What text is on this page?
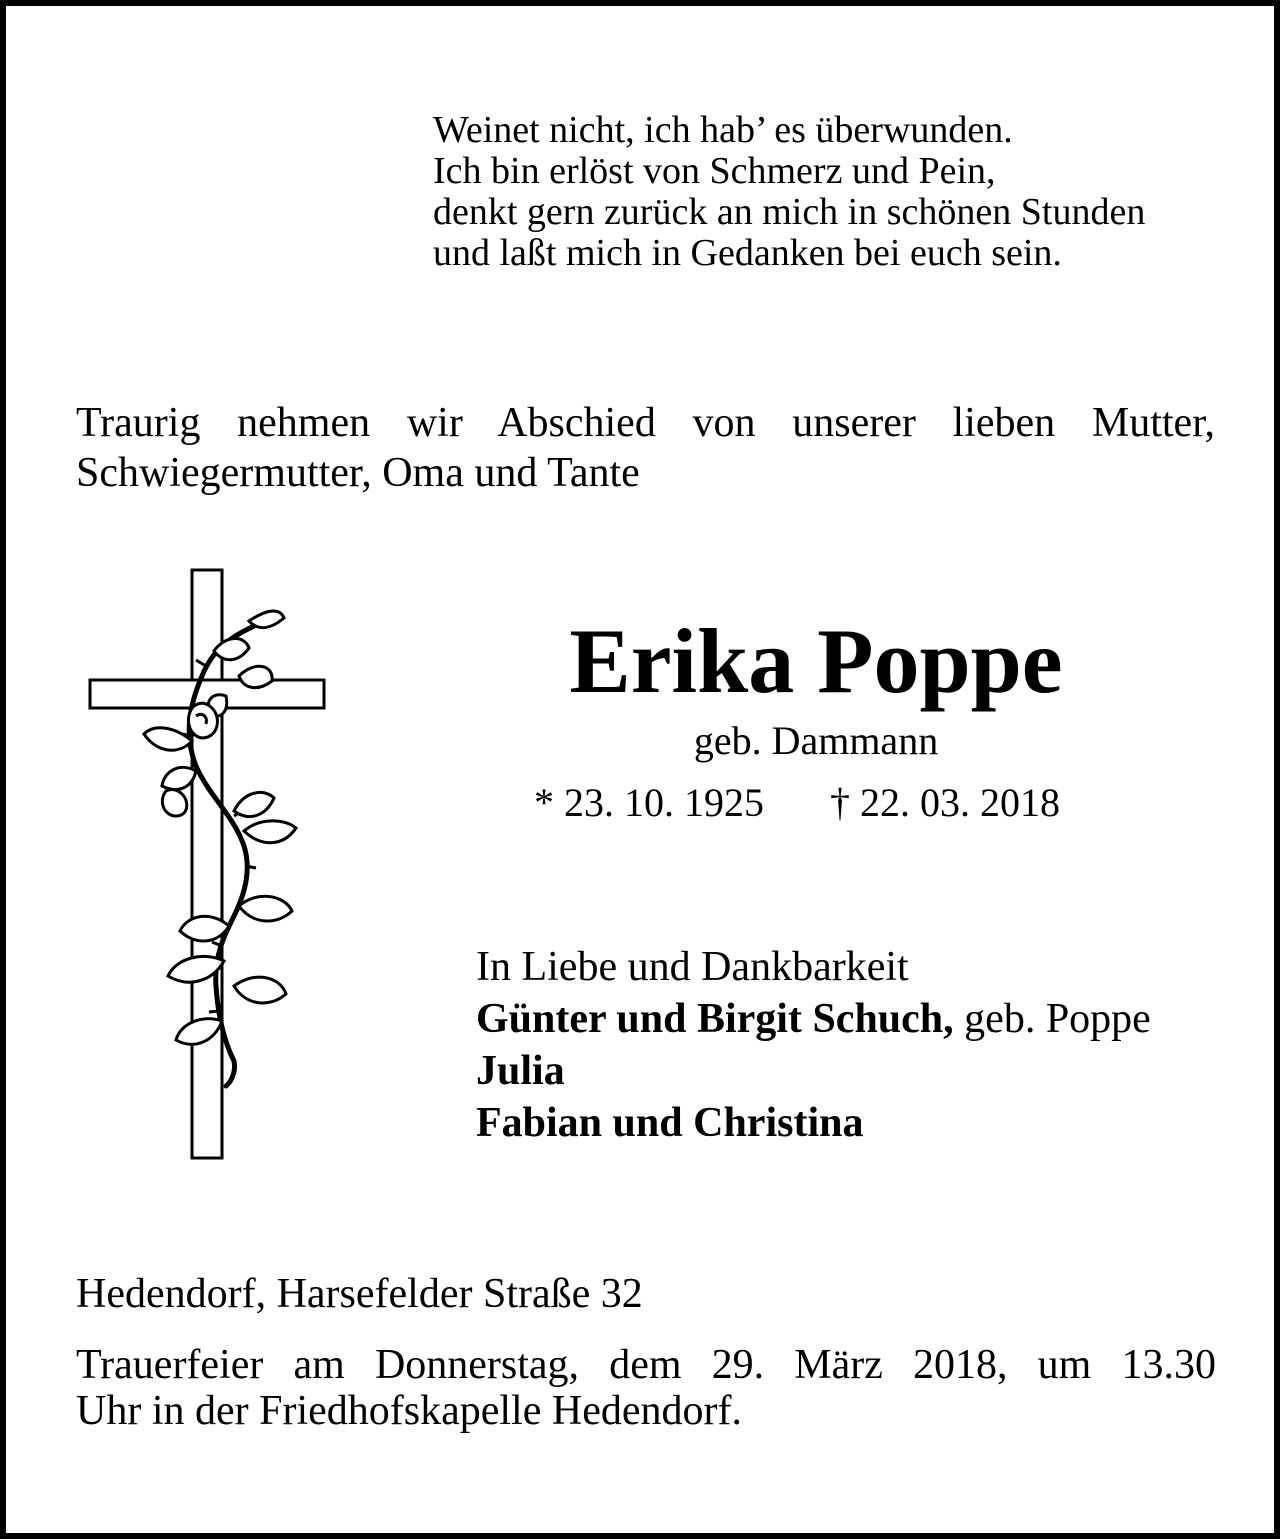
Weinet nicht, ich hab’ es überwunden.
Ich bin erlöst von Schmerz und Pein,
denkt gern zurück an mich in schönen Stunden
und laßt mich in Gedanken bei euch sein.
Traurig nehmen wir Abschied von unserer lieben Mutter,
Schwiegermutter, Oma und Tante
Erika Poppe
geb. Dammann
* 23. 10. 1925 † 22. 03. 2018
In Liebe und Dankbarkeit
Günter und Birgit Schuch, geb. Poppe
Julia
Fabian und Christina
Hedendorf, Harsefelder Straße 32
Trauerfeier am Donnerstag, dem 29. März 2018, um 13.30
Uhr in der Friedhofskapelle Hedendorf.
